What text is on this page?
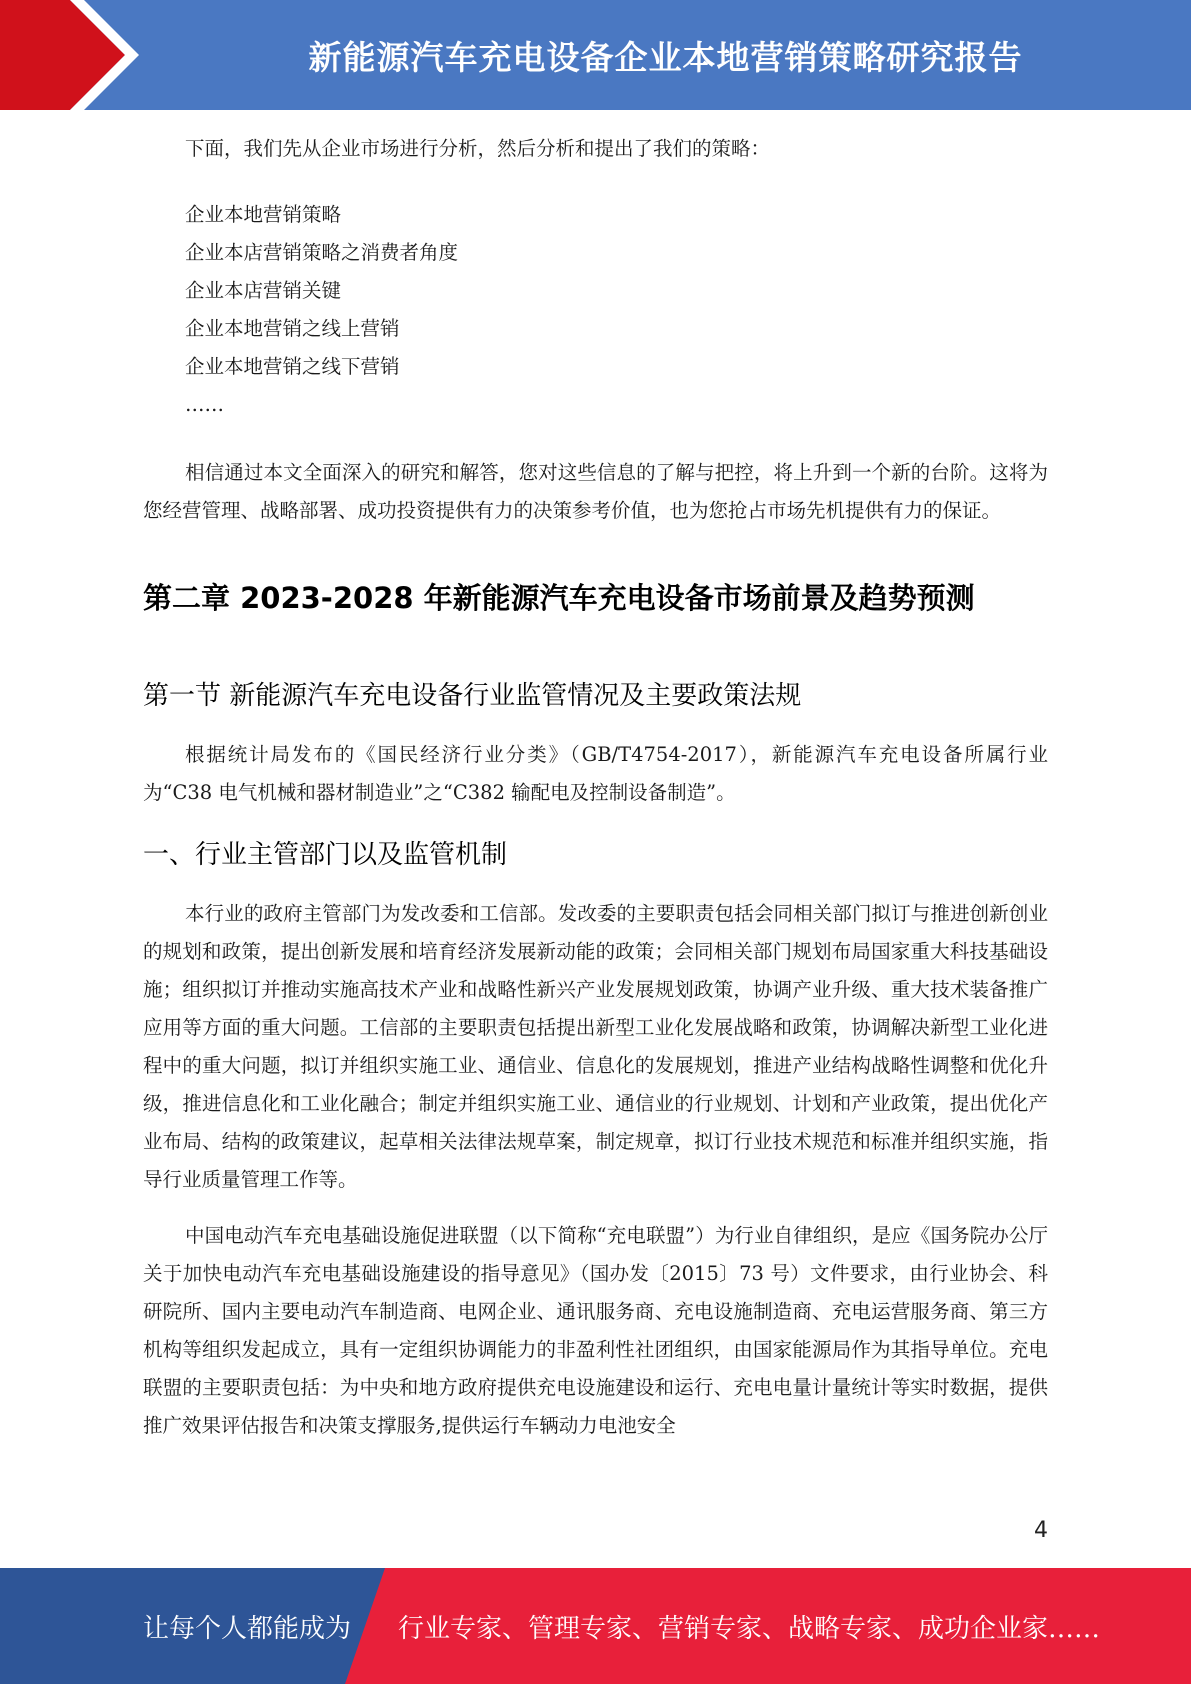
新能源汽车充电设备企业本地营销策略研究报告

下面，我们先从企业市场进行分析，然后分析和提出了我们的策略：

企业本地营销策略
企业本店营销策略之消费者角度
企业本店营销关键
企业本地营销之线上营销
企业本地营销之线下营销
……

相信通过本文全面深入的研究和解答，您对这些信息的了解与把控，将上升到一个新的台阶。这将为您经营管理、战略部署、成功投资提供有力的决策参考价值，也为您抢占市场先机提供有力的保证。

第二章 2023-2028 年新能源汽车充电设备市场前景及趋势预测
第一节 新能源汽车充电设备行业监管情况及主要政策法规

根据统计局发布的《国民经济行业分类》（GB/T4754-2017），新能源汽车充电设备所属行业为“C38 电气机械和器材制造业”之“C382 输配电及控制设备制造”。

一、行业主管部门以及监管机制

本行业的政府主管部门为发改委和工信部。发改委的主要职责包括会同相关部门拟订与推进创新创业的规划和政策，提出创新发展和培育经济发展新动能的政策；会同相关部门规划布局国家重大科技基础设施；组织拟订并推动实施高技术产业和战略性新兴产业发展规划政策，协调产业升级、重大技术装备推广应用等方面的重大问题。工信部的主要职责包括提出新型工业化发展战略和政策，协调解决新型工业化进程中的重大问题，拟订并组织实施工业、通信业、信息化的发展规划，推进产业结构战略性调整和优化升级，推进信息化和工业化融合；制定并组织实施工业、通信业的行业规划、计划和产业政策，提出优化产业布局、结构的政策建议，起草相关法律法规草案，制定规章，拟订行业技术规范和标准并组织实施，指导行业质量管理工作等。

中国电动汽车充电基础设施促进联盟（以下简称“充电联盟”）为行业自律组织，是应《国务院办公厅关于加快电动汽车充电基础设施建设的指导意见》（国办发〔2015〕73 号）文件要求，由行业协会、科研院所、国内主要电动汽车制造商、电网企业、通讯服务商、充电设施制造商、充电运营服务商、第三方机构等组织发起成立，具有一定组织协调能力的非盈利性社团组织，由国家能源局作为其指导单位。充电联盟的主要职责包括：为中央和地方政府提供充电设施建设和运行、充电电量计量统计等实时数据，提供推广效果评估报告和决策支撑服务,提供运行车辆动力电池安全

4
让每个人都能成为 行业专家、管理专家、营销专家、战略专家、成功企业家……
